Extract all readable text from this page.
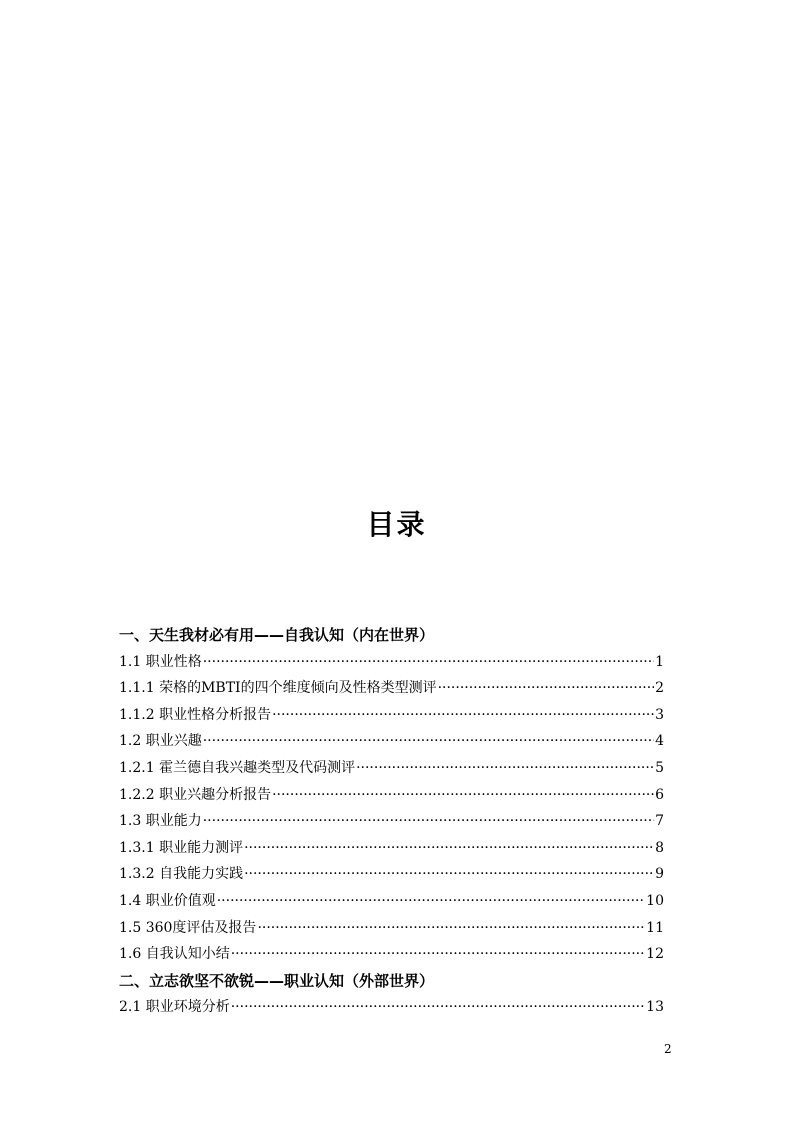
目录
一、天生我材必有用——自我认知（内在世界）
1.1 职业性格 ·····	1
1.1.1 荣格的MBTI的四个维度倾向及性格类型测评 ·····	2
1.1.2 职业性格分析报告 ·····	3
1.2 职业兴趣 ·····	4
1.2.1 霍兰德自我兴趣类型及代码测评 ·····	5
1.2.2 职业兴趣分析报告 ·····	6
1.3 职业能力 ·····	7
1.3.1 职业能力测评 ·····	8
1.3.2 自我能力实践 ·····	9
1.4 职业价值观 ·····	10
1.5 360度评估及报告 ·····	11
1.6 自我认知小结 ·····	12
二、立志欲坚不欲锐——职业认知（外部世界）
2.1 职业环境分析 ·····	13
2
